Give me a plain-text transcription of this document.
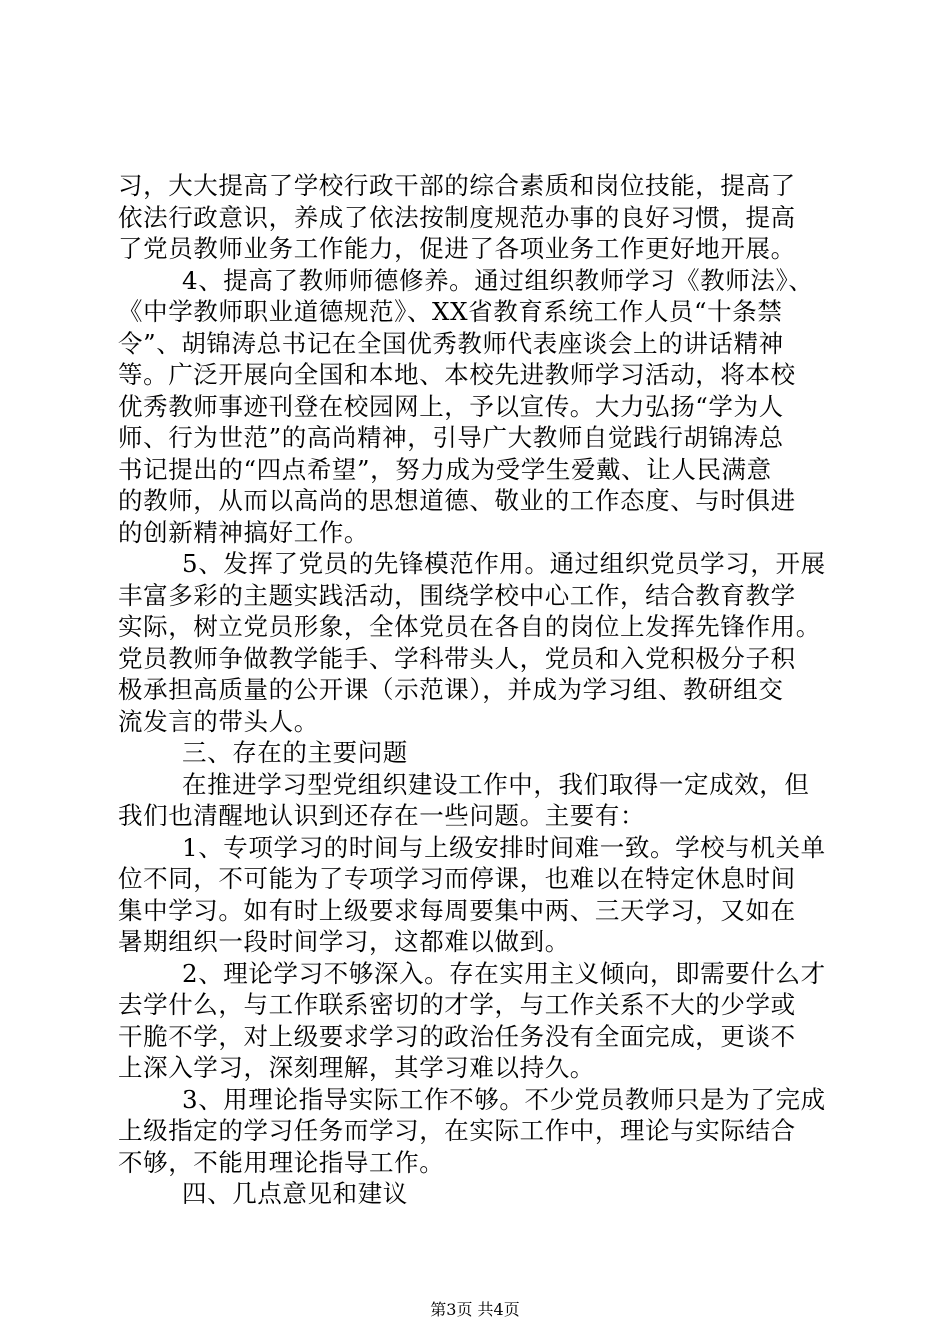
习，大大提高了学校行政干部的综合素质和岗位技能，提高了
依法行政意识，养成了依法按制度规范办事的良好习惯，提高
了党员教师业务工作能力，促进了各项业务工作更好地开展。

4、提高了教师师德修养。通过组织教师学习《教师法》、
《中学教师职业道德规范》、XX省教育系统工作人员“十条禁
令”、胡锦涛总书记在全国优秀教师代表座谈会上的讲话精神
等。广泛开展向全国和本地、本校先进教师学习活动，将本校
优秀教师事迹刊登在校园网上，予以宣传。大力弘扬“学为人
师、行为世范”的高尚精神，引导广大教师自觉践行胡锦涛总
书记提出的“四点希望”，努力成为受学生爱戴、让人民满意
的教师，从而以高尚的思想道德、敬业的工作态度、与时俱进
的创新精神搞好工作。

5、发挥了党员的先锋模范作用。通过组织党员学习，开展
丰富多彩的主题实践活动，围绕学校中心工作，结合教育教学
实际，树立党员形象，全体党员在各自的岗位上发挥先锋作用。
党员教师争做教学能手、学科带头人，党员和入党积极分子积
极承担高质量的公开课（示范课），并成为学习组、教研组交
流发言的带头人。

三、存在的主要问题

在推进学习型党组织建设工作中，我们取得一定成效，但
我们也清醒地认识到还存在一些问题。主要有：

1、专项学习的时间与上级安排时间难一致。学校与机关单
位不同，不可能为了专项学习而停课，也难以在特定休息时间
集中学习。如有时上级要求每周要集中两、三天学习，又如在
暑期组织一段时间学习，这都难以做到。

2、理论学习不够深入。存在实用主义倾向，即需要什么才
去学什么，与工作联系密切的才学，与工作关系不大的少学或
干脆不学，对上级要求学习的政治任务没有全面完成，更谈不
上深入学习，深刻理解，其学习难以持久。

3、用理论指导实际工作不够。不少党员教师只是为了完成
上级指定的学习任务而学习，在实际工作中，理论与实际结合
不够，不能用理论指导工作。

四、几点意见和建议

第3页 共4页
